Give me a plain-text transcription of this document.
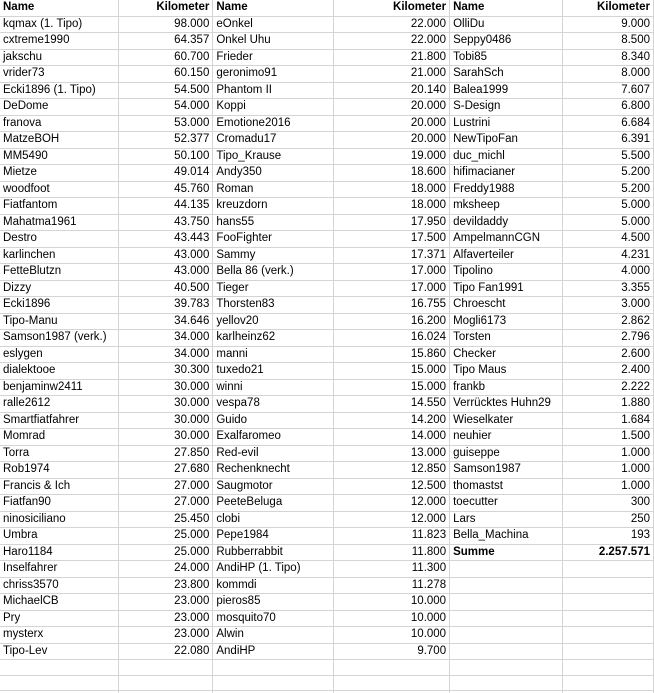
Name	Kilometer	Name	Kilometer	Name	Kilometer
kqmax (1. Tipo)	98.000	eOnkel	22.000	OlliDu	9.000
cxtreme1990	64.357	Onkel Uhu	22.000	Seppy0486	8.500
jakschu	60.700	Frieder	21.800	Tobi85	8.340
vrider73	60.150	geronimo91	21.000	SarahSch	8.000
Ecki1896 (1. Tipo)	54.500	Phantom II	20.140	Balea1999	7.607
DeDome	54.000	Koppi	20.000	S-Design	6.800
franova	53.000	Emotione2016	20.000	Lustrini	6.684
MatzeBOH	52.377	Cromadu17	20.000	NewTipoFan	6.391
MM5490	50.100	Tipo_Krause	19.000	duc_michl	5.500
Mietze	49.014	Andy350	18.600	hifimacianer	5.200
woodfoot	45.760	Roman	18.000	Freddy1988	5.200
Fiatfantom	44.135	kreuzdorn	18.000	mksheep	5.000
Mahatma1961	43.750	hans55	17.950	devildaddy	5.000
Destro	43.443	FooFighter	17.500	AmpelmannCGN	4.500
karlinchen	43.000	Sammy	17.371	Alfaverteiler	4.231
FetteBlutzn	43.000	Bella 86 (verk.)	17.000	Tipolino	4.000
Dizzy	40.500	Tieger	17.000	Tipo Fan1991	3.355
Ecki1896	39.783	Thorsten83	16.755	Chroescht	3.000
Tipo-Manu	34.646	yellov20	16.200	Mogli6173	2.862
Samson1987 (verk.)	34.000	karlheinz62	16.024	Torsten	2.796
eslygen	34.000	manni	15.860	Checker	2.600
dialektooe	30.300	tuxedo21	15.000	Tipo Maus	2.400
benjaminw2411	30.000	winni	15.000	frankb	2.222
ralle2612	30.000	vespa78	14.550	Verrücktes Huhn29	1.880
Smartfiatfahrer	30.000	Guido	14.200	Wieselkater	1.684
Momrad	30.000	Exalfaromeo	14.000	neuhier	1.500
Torra	27.850	Red-evil	13.000	guiseppe	1.000
Rob1974	27.680	Rechenknecht	12.850	Samson1987	1.000
Francis & Ich	27.000	Saugmotor	12.500	thomastst	1.000
Fiatfan90	27.000	PeeteBeluga	12.000	toecutter	300
ninosiciliano	25.450	clobi	12.000	Lars	250
Umbra	25.000	Pepe1984	11.823	Bella_Machina	193
Haro1184	25.000	Rubberrabbit	11.800	Summe	2.257.571
Inselfahrer	24.000	AndiHP (1. Tipo)	11.300		
chriss3570	23.800	kommdi	11.278		
MichaelCB	23.000	pieros85	10.000		
Pry	23.000	mosquito70	10.000		
mysterx	23.000	Alwin	10.000		
Tipo-Lev	22.080	AndiHP	9.700		
